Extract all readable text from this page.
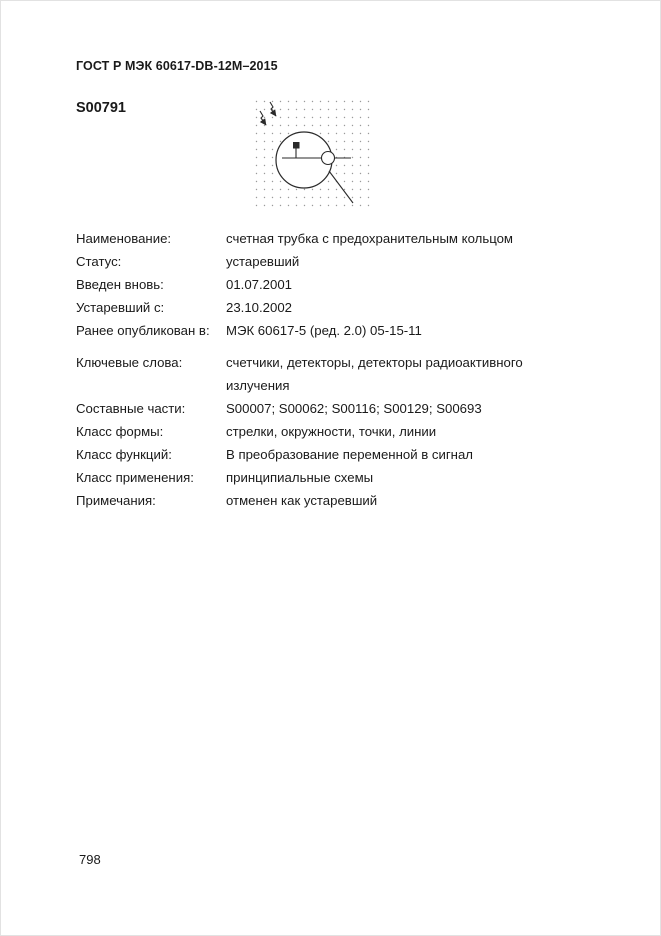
ГОСТ Р МЭК 60617-DB-12M–2015
S00791
Наименование:	счетная трубка с предохранительным кольцом
Статус:	устаревший
Введен вновь:	01.07.2001
Устаревший с:	23.10.2002
Ранее опубликован в:	МЭК 60617-5 (ред. 2.0) 05-15-11
Ключевые слова:	счетчики, детекторы, детекторы радиоактивного излучения
Составные части:	S00007; S00062; S00116; S00129; S00693
Класс формы:	стрелки, окружности, точки, линии
Класс функций:	В преобразование переменной в сигнал
Класс применения:	принципиальные схемы
Примечания:	отменен как устаревший
798
